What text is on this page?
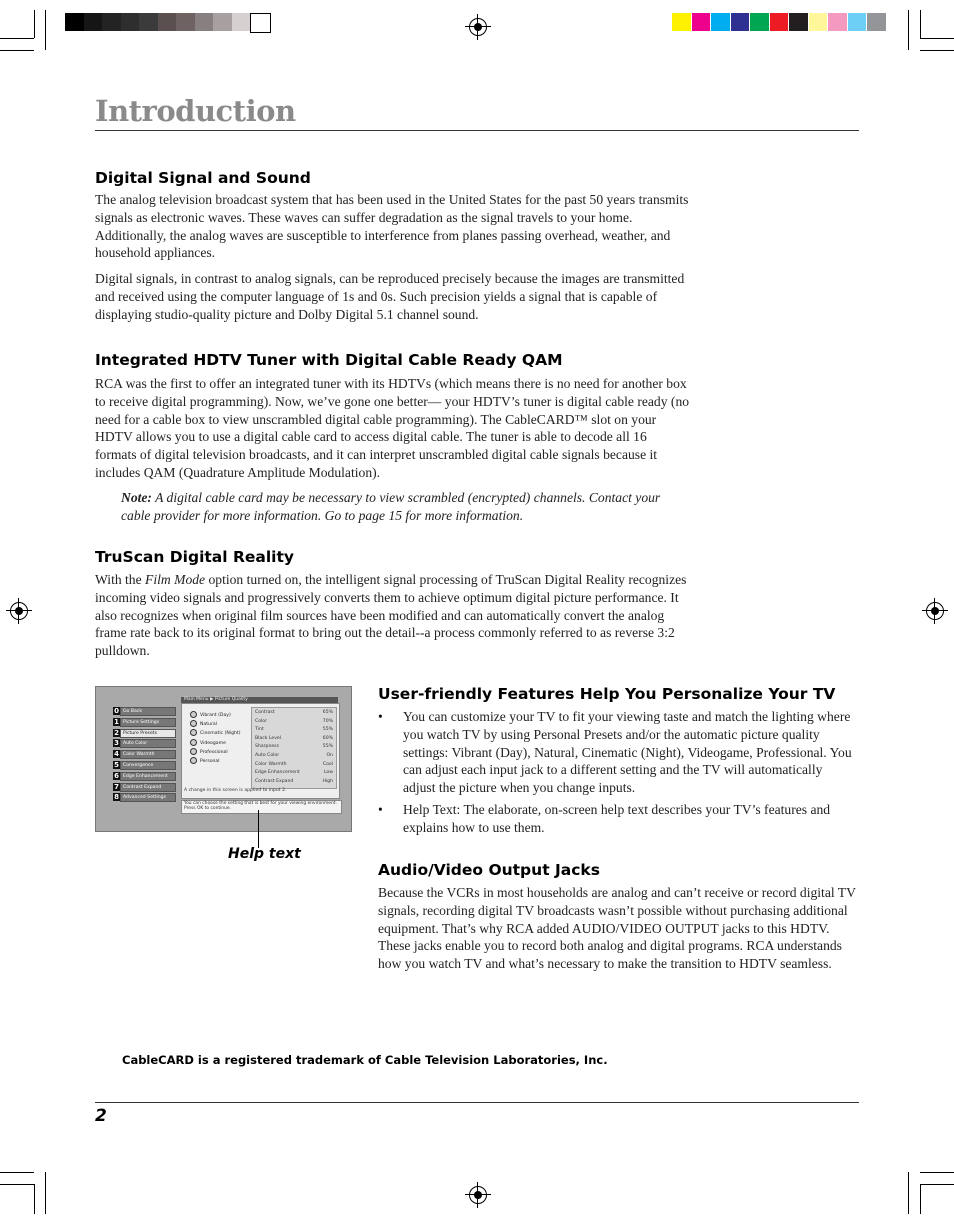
Introduction
Digital Signal and Sound

The analog television broadcast system that has been used in the United States for the past 50 years transmits signals as electronic waves. These waves can suffer degradation as the signal travels to your home. Additionally, the analog waves are susceptible to interference from planes passing overhead, weather, and household appliances.

Digital signals, in contrast to analog signals, can be reproduced precisely because the images are transmitted and received using the computer language of 1s and 0s. Such precision yields a signal that is capable of displaying studio-quality picture and Dolby Digital 5.1 channel sound.

Integrated HDTV Tuner with Digital Cable Ready QAM

RCA was the first to offer an integrated tuner with its HDTVs (which means there is no need for another box to receive digital programming). Now, we’ve gone one better— your HDTV’s tuner is digital cable ready (no need for a cable box to view unscrambled digital cable programming). The CableCARD™ slot on your HDTV allows you to use a digital cable card to access digital cable. The tuner is able to decode all 16 formats of digital television broadcasts, and it can interpret unscrambled digital cable signals because it includes QAM (Quadrature Amplitude Modulation).

Note: A digital cable card may be necessary to view scrambled (encrypted) channels. Contact your cable provider for more information. Go to page 15 for more information.

TruScan Digital Reality

With the Film Mode option turned on, the intelligent signal processing of TruScan Digital Reality recognizes incoming video signals and progressively converts them to achieve optimum digital picture performance. It also recognizes when original film sources have been modified and can automatically convert the analog frame rate back to its original format to bring out the detail--a process commonly referred to as reverse 3:2 pulldown.

Main Menu ▶ Picture Quality
0 Go Back
1 Picture Settings
2 Picture Presets
3 Auto Color
4 Color Warmth
5 Convergence
6 Edge Enhancement
7 Contrast Expand
8 Advanced Settings
Vibrant (Day)
Natural
Cinematic (Night)
Videogame
Professional
Personal
Contrast	65%
Color	70%
Tint	55%
Black Level	60%
Sharpness	55%
Auto Color	On
Color Warmth	Cool
Edge Enhancement	Low
Contrast Expand	High
A change in this screen is applied to input 2.
You can choose the setting that is best for your viewing environment. Press OK to continue.
Help text
User-friendly Features Help You Personalize Your TV
• You can customize your TV to fit your viewing taste and match the lighting where you watch TV by using Personal Presets and/or the automatic picture quality settings: Vibrant (Day), Natural, Cinematic (Night), Videogame, Professional. You can adjust each input jack to a different setting and the TV will automatically adjust the picture when you change inputs.

• Help Text: The elaborate, on-screen help text describes your TV’s features and explains how to use them.

Audio/Video Output Jacks

Because the VCRs in most households are analog and can’t receive or record digital TV signals, recording digital TV broadcasts wasn’t possible without purchasing additional equipment. That’s why RCA added AUDIO/VIDEO OUTPUT jacks to this HDTV. These jacks enable you to record both analog and digital programs. RCA understands how you watch TV and what’s necessary to make the transition to HDTV seamless.

CableCARD is a registered trademark of Cable Television Laboratories, Inc.
2
